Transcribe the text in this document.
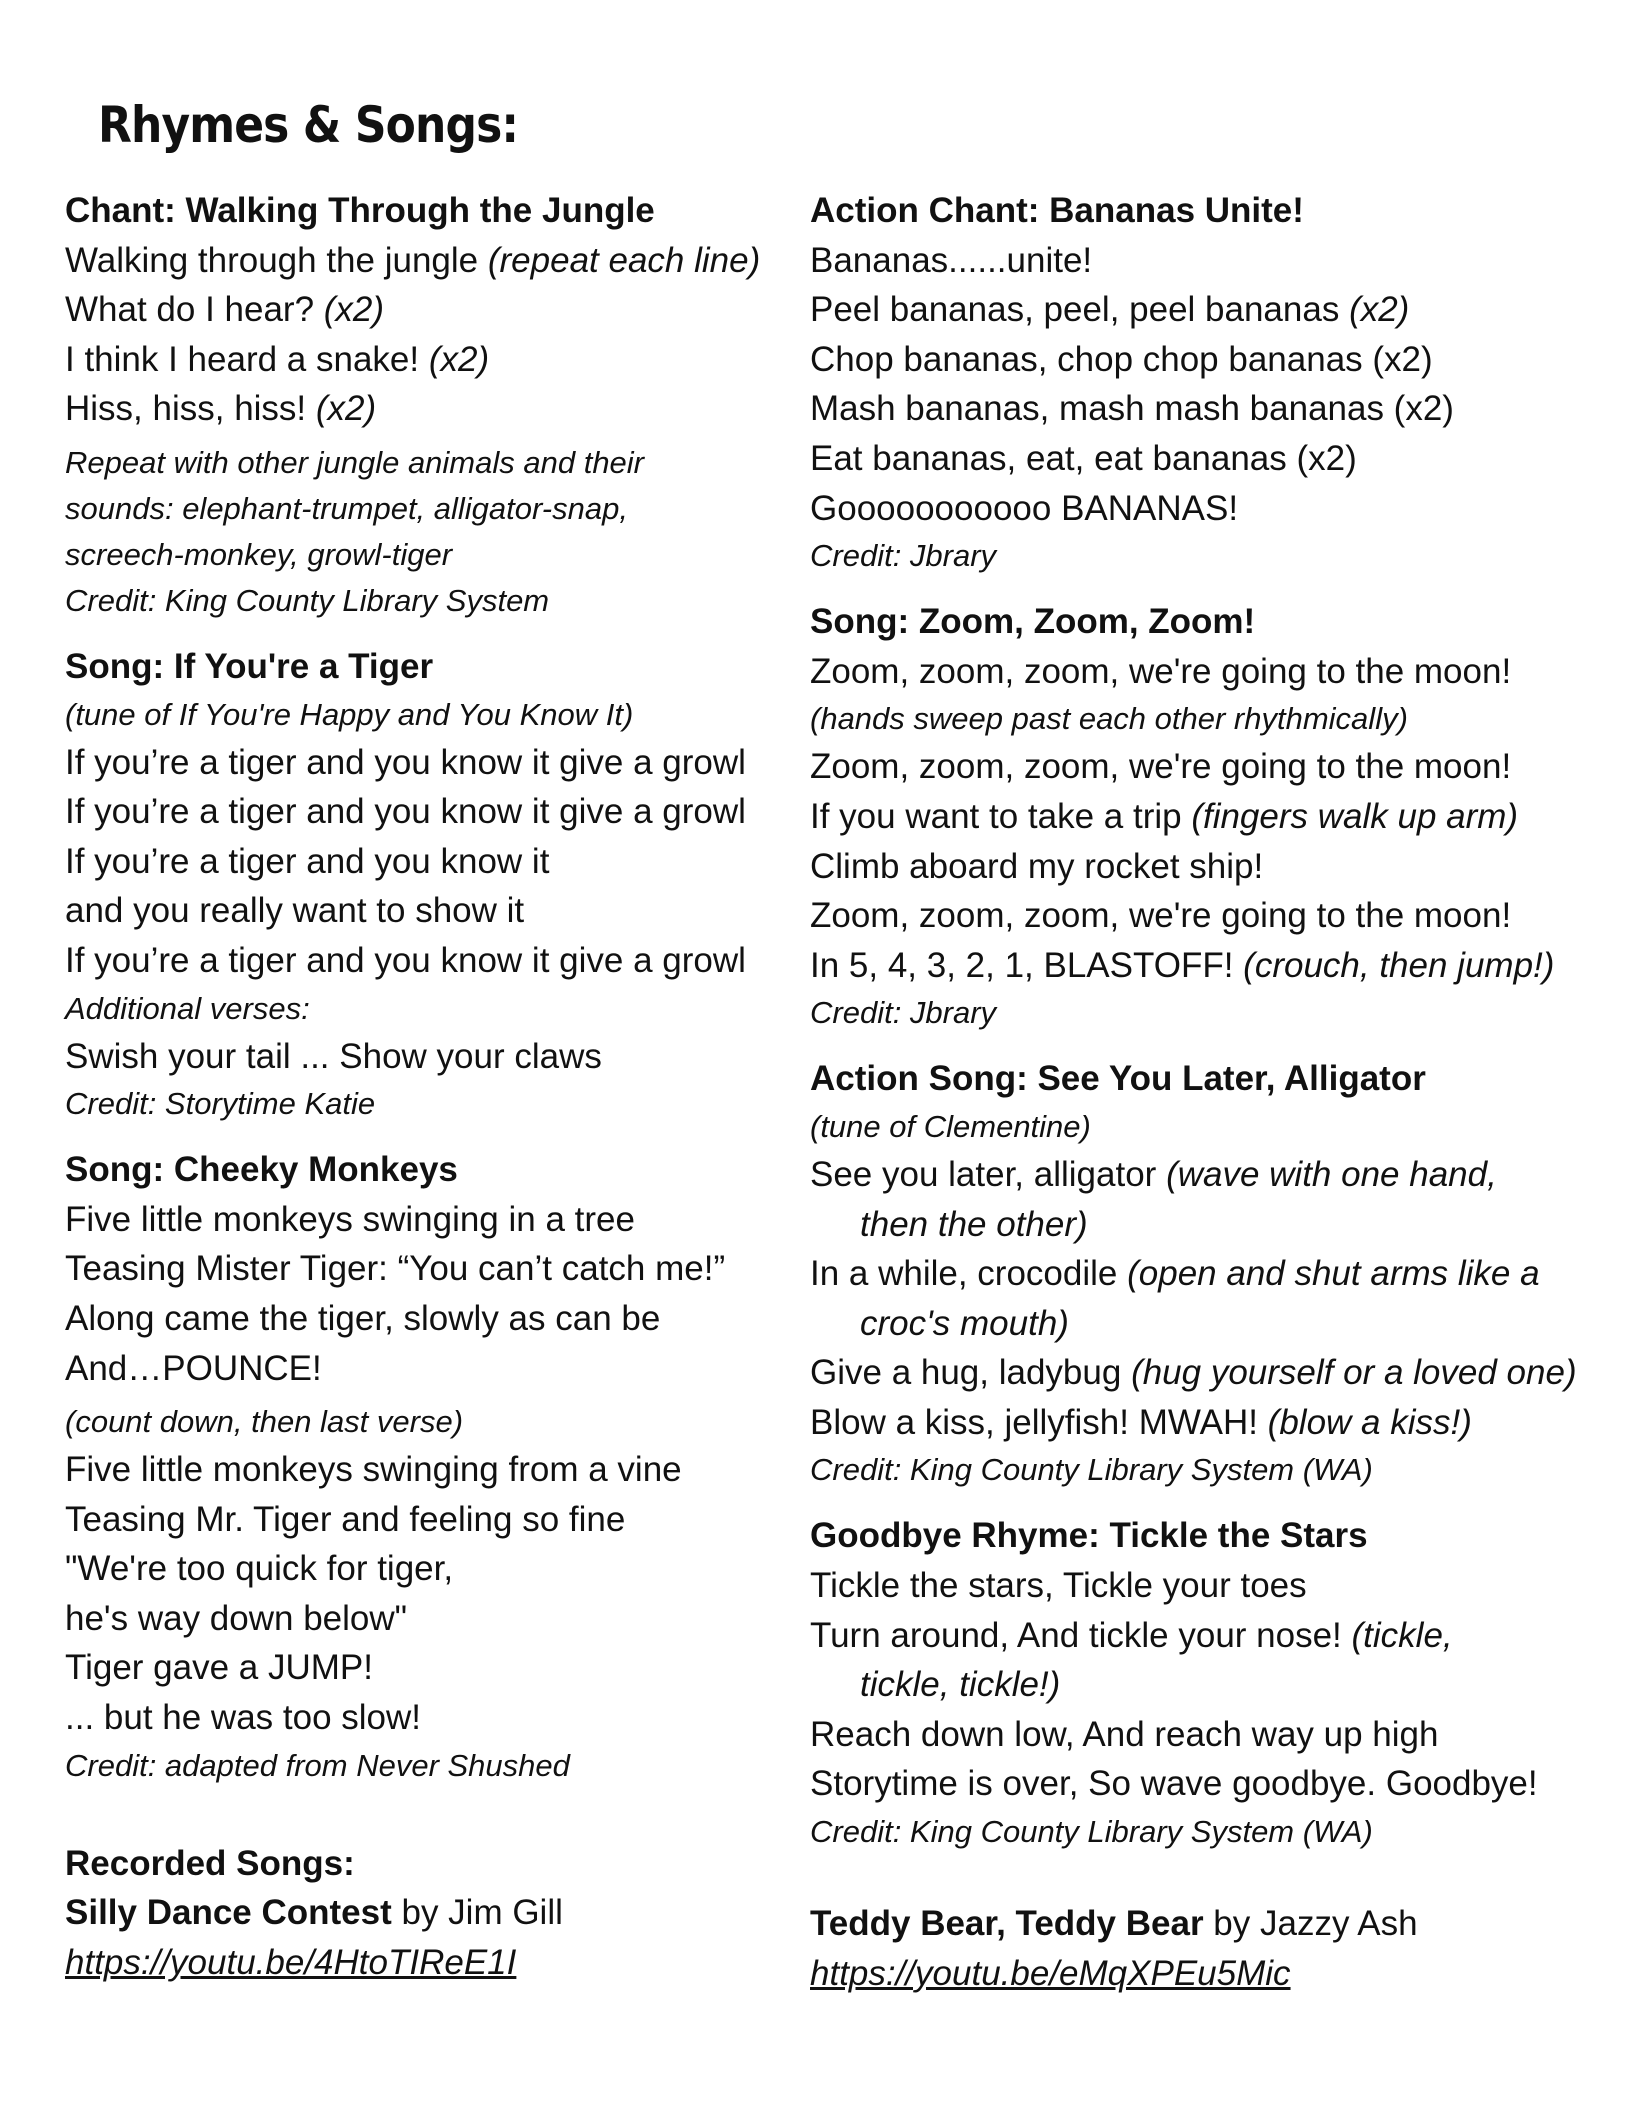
Rhymes & Songs:
Chant: Walking Through the Jungle
Walking through the jungle (repeat each line)
What do I hear? (x2)
I think I heard a snake! (x2)
Hiss, hiss, hiss! (x2)
Repeat with other jungle animals and their
sounds: elephant-trumpet, alligator-snap,
screech-monkey, growl-tiger
Credit: King County Library System
Song: If You're a Tiger
(tune of If You're Happy and You Know It)
If you’re a tiger and you know it give a growl
If you’re a tiger and you know it give a growl
If you’re a tiger and you know it
and you really want to show it
If you’re a tiger and you know it give a growl
Additional verses:
Swish your tail ... Show your claws
Credit: Storytime Katie
Song: Cheeky Monkeys
Five little monkeys swinging in a tree
Teasing Mister Tiger: “You can’t catch me!”
Along came the tiger, slowly as can be
And…POUNCE!
(count down, then last verse)
Five little monkeys swinging from a vine
Teasing Mr. Tiger and feeling so fine
"We're too quick for tiger,
he's way down below"
Tiger gave a JUMP!
... but he was too slow!
Credit: adapted from Never Shushed
Recorded Songs:
Silly Dance Contest by Jim Gill
https://youtu.be/4HtoTIReE1I
Action Chant: Bananas Unite!
Bananas......unite!
Peel bananas, peel, peel bananas (x2)
Chop bananas, chop chop bananas (x2)
Mash bananas, mash mash bananas (x2)
Eat bananas, eat, eat bananas (x2)
Gooooooooooo BANANAS!
Credit: Jbrary
Song: Zoom, Zoom, Zoom!
Zoom, zoom, zoom, we're going to the moon!
(hands sweep past each other rhythmically)
Zoom, zoom, zoom, we're going to the moon!
If you want to take a trip (fingers walk up arm)
Climb aboard my rocket ship!
Zoom, zoom, zoom, we're going to the moon!
In 5, 4, 3, 2, 1, BLASTOFF! (crouch, then jump!)
Credit: Jbrary
Action Song: See You Later, Alligator
(tune of Clementine)
See you later, alligator (wave with one hand,
then the other)
In a while, crocodile (open and shut arms like a
croc's mouth)
Give a hug, ladybug (hug yourself or a loved one)
Blow a kiss, jellyfish! MWAH! (blow a kiss!)
Credit: King County Library System (WA)
Goodbye Rhyme: Tickle the Stars
Tickle the stars, Tickle your toes
Turn around, And tickle your nose! (tickle,
tickle, tickle!)
Reach down low, And reach way up high
Storytime is over, So wave goodbye. Goodbye!
Credit: King County Library System (WA)
Teddy Bear, Teddy Bear by Jazzy Ash
https://youtu.be/eMqXPEu5Mic
